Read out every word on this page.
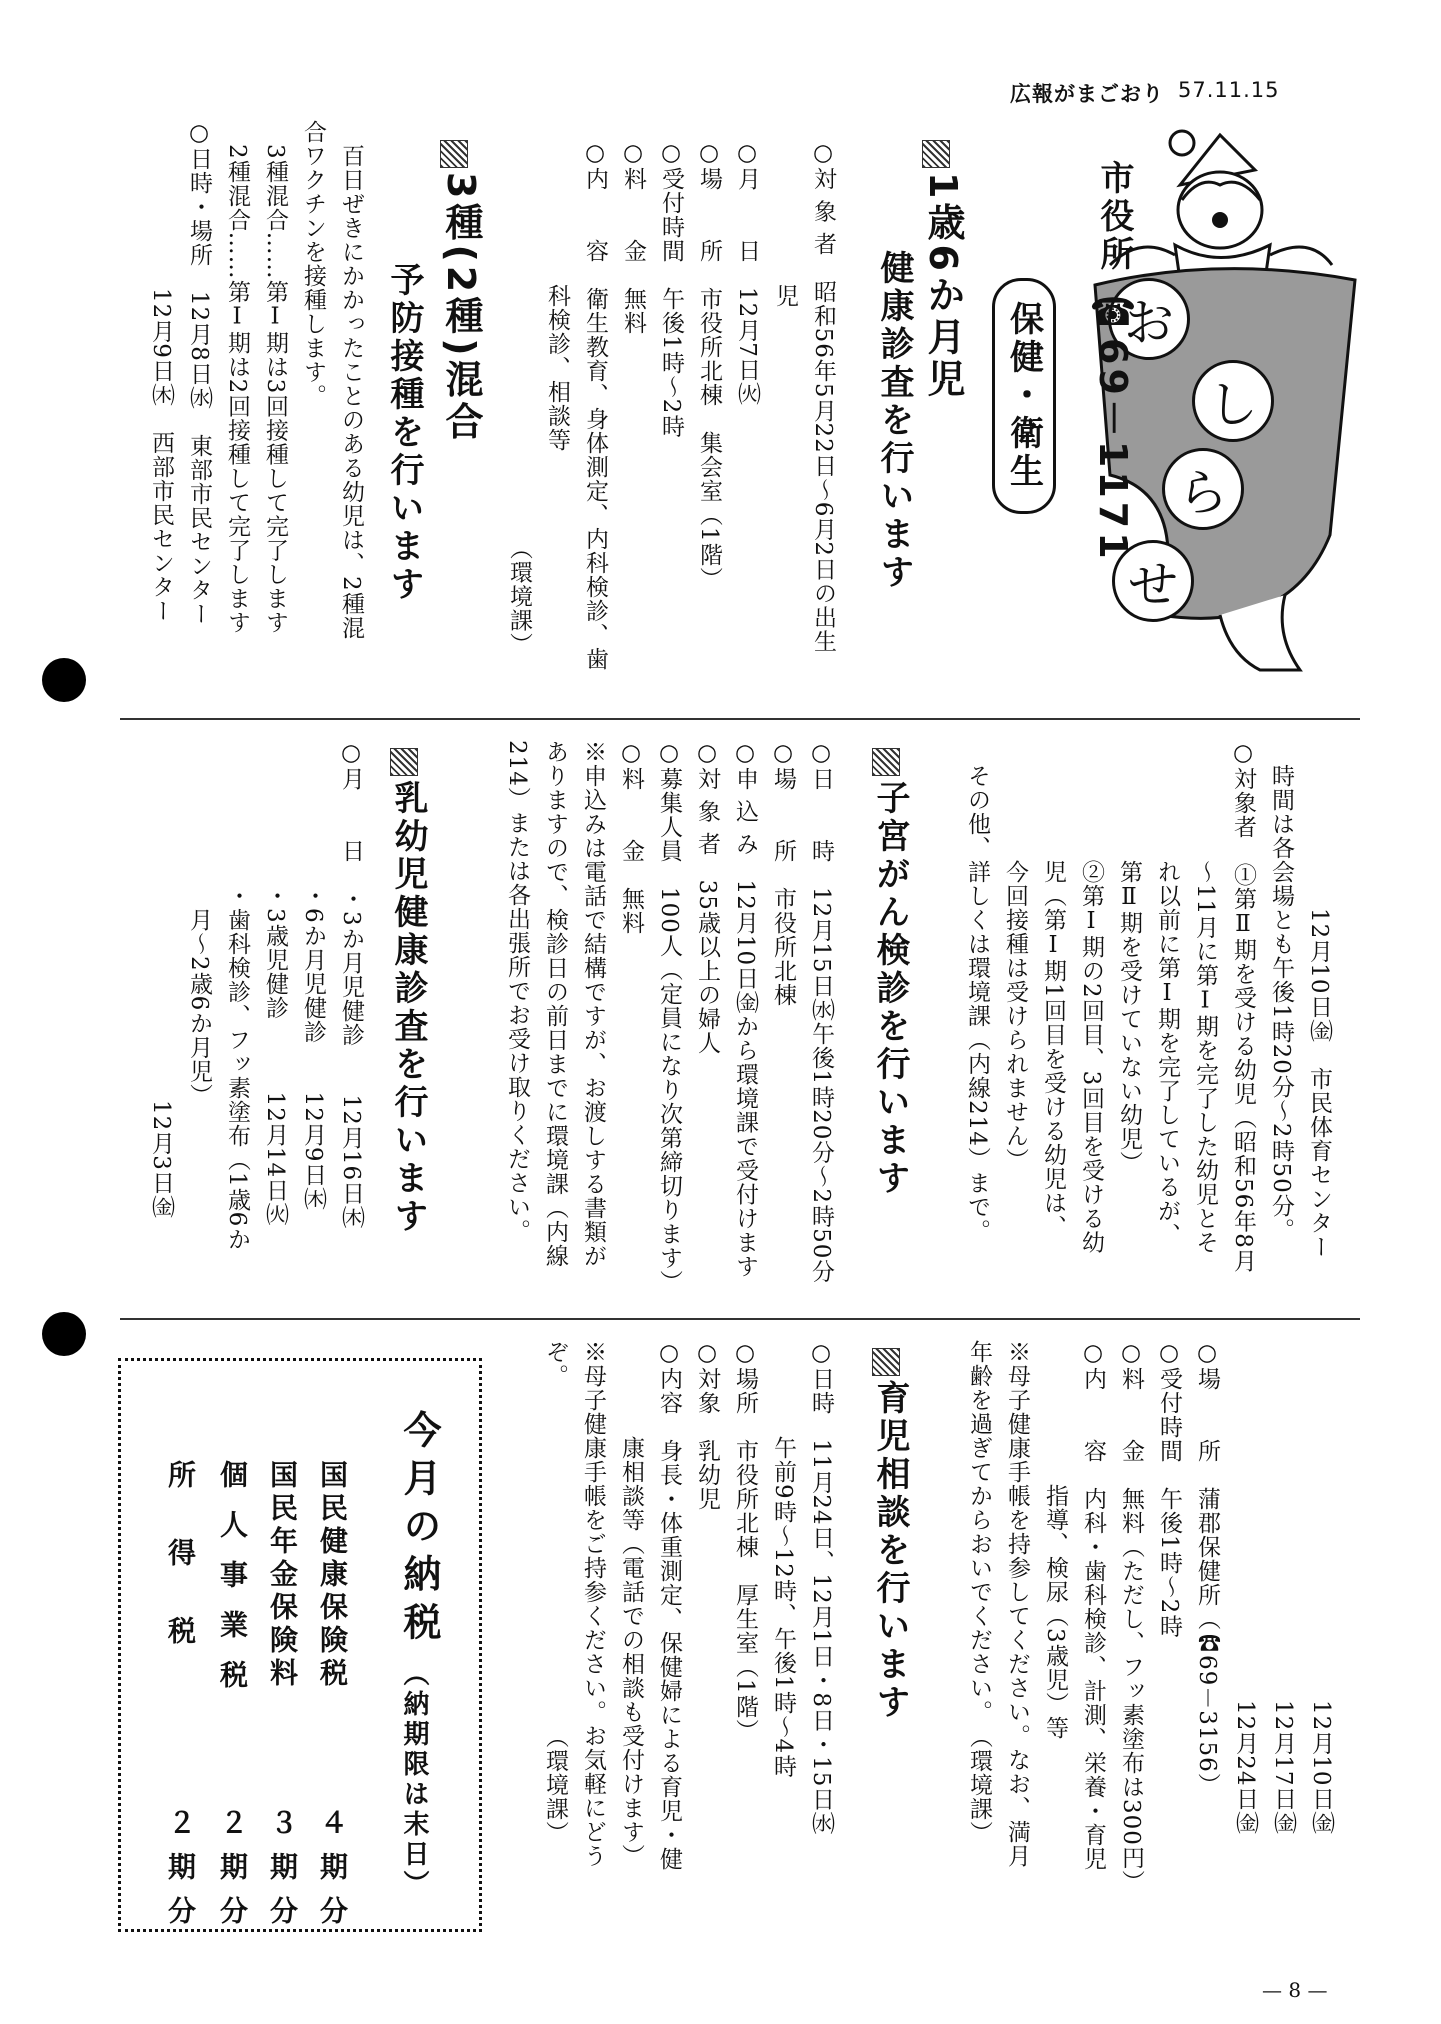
広報がまごおり 57.11.15
お
し
ら
せ
市役所
☎69－1171
保健・衛生
1歳6か月児
健康診査を行います
○対 象 者　昭和56年5月22日～6月2日の出生
　　　　　　児
○月　　日　12月7日㈫
○場　　所　市役所北棟　集会室（1階）
○受付時間　午後1時～2時
○料　　金　無料
○内　　容　衛生教育、身体測定、内科検診、歯
　　　　　　科検診、相談等
　　　　　　　　　　　　　　　　　（環境課）
3種(2種)混合
予防接種を行います
　百日ぜきにかかったことのある幼児は、2種混
合ワクチンを接種します。
　3種混合……第Ⅰ期は3回接種して完了します
　2種混合……第Ⅰ期は2回接種して完了します
○日時・場所　12月8日㈬　東部市民センター
　　　　　　　12月9日㈭　西部市民センター
　　　　　　　12月10日㈮　市民体育センター
　時間は各会場とも午後1時20分～2時50分。
○対象者　①第Ⅱ期を受ける幼児（昭和56年8月
　　　　　～11月に第Ⅰ期を完了した幼児とそ
　　　　　れ以前に第Ⅰ期を完了しているが、
　　　　　第Ⅱ期を受けていない幼児）
　　　　　②第Ⅰ期の2回目、3回目を受ける幼
　　　　　児（第Ⅰ期1回目を受ける幼児は、
　　　　　今回接種は受けられません）
　その他、詳しくは環境課（内線214）まで。
子宮がん検診を行います
○日　　時　12月15日㈬午後1時20分～2時50分
○場　　所　市役所北棟
○申 込 み　12月10日㈮から環境課で受付けます
○対 象 者　35歳以上の婦人
○募集人員　100人（定員になり次第締切ります）
○料　　金　無料
※申込みは電話で結構ですが、お渡しする書類が
ありますので、検診日の前日までに環境課（内線
214）または各出張所でお受け取りください。
乳幼児健康診査を行います
○月　　日　・3か月児健診　　12月16日㈭
　　　　　　・6か月児健診　　12月9日㈭
　　　　　　・3歳児健診　　　12月14日㈫
　　　　　　・歯科検診、フッ素塗布（1歳6か
　　　　　　　月～2歳6か月児）
　　　　　　　　　　　　　　　12月3日㈮
　　　　　　　　　　　　　　　12月10日㈮
　　　　　　　　　　　　　　　12月17日㈮
　　　　　　　　　　　　　　　12月24日㈮
○場　　所　蒲郡保健所（☎69－3156）
○受付時間　午後1時～2時
○料　　金　無料（ただし、フッ素塗布は300円）
○内　　容　内科・歯科検診、計測、栄養・育児
　　　　　　指導、検尿（3歳児）等
※母子健康手帳を持参してください。なお、満月
年齢を過ぎてからおいでください。　（環境課）
育児相談を行います
○日時　11月24日、12月1日・8日・15日㈬
　　　　午前9時～12時、午後1時～4時
○場所　市役所北棟　厚生室（1階）
○対象　乳幼児
○内容　身長・体重測定、保健婦による育児・健
　　　　康相談等（電話での相談も受付けます）
※母子健康手帳をご持参ください。お気軽にどう
ぞ。　　　　　　　　　　　　　　　（環境課）
今月の納税
（納期限は末日）
国民健康保険税
４期分
国民年金保険料
３期分
個人事業税
２期分
所得税
２期分
— 8 —
